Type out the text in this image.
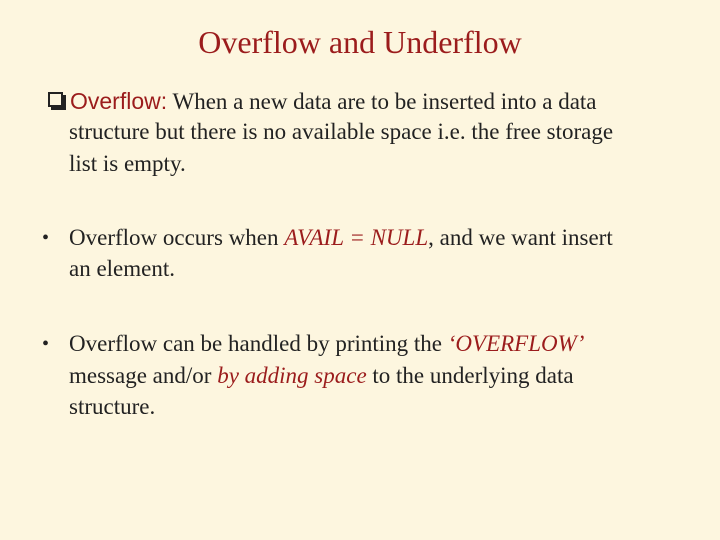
Overflow and Underflow
Overflow: When a new data are to be inserted into a data
structure but there is no available space i.e. the free storage
list is empty.
• Overflow occurs when AVAIL = NULL, and we want insert
an element.
• Overflow can be handled by printing the ‘OVERFLOW’
message and/or by adding space to the underlying data
structure.
